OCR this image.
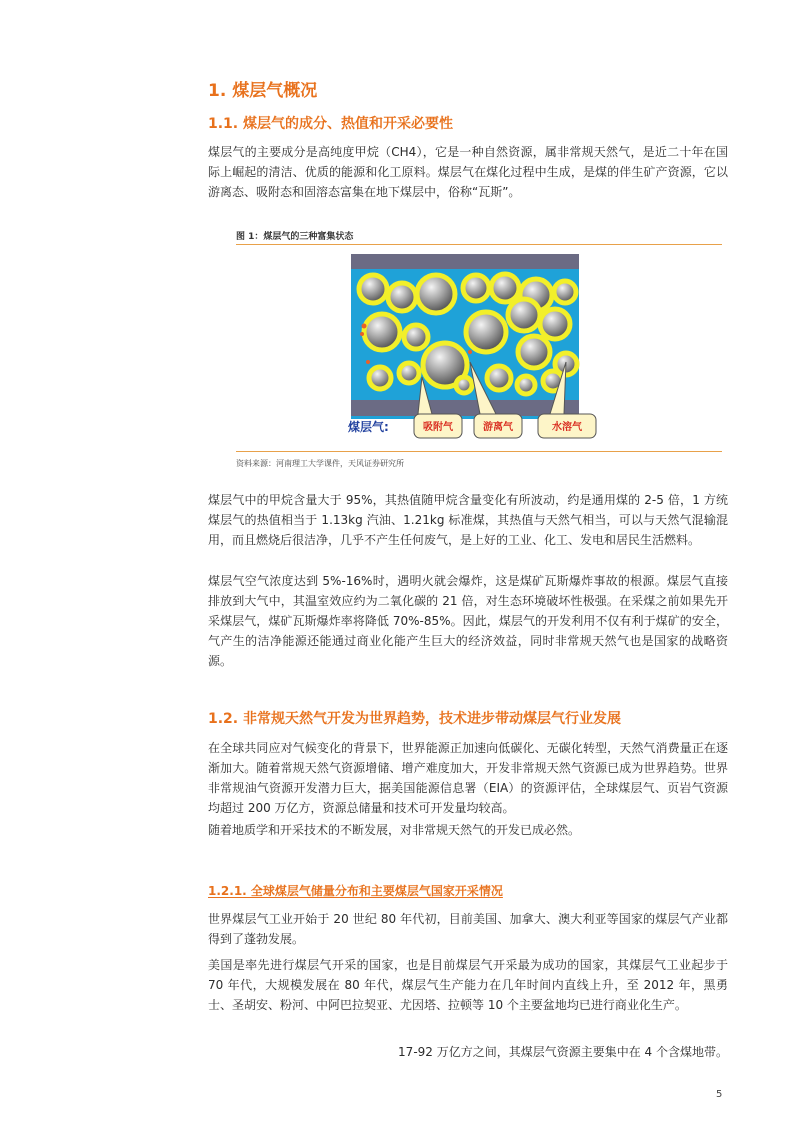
1. 煤层气概况
1.1. 煤层气的成分、热值和开采必要性
煤层气的主要成分是高纯度甲烷（CH4），它是一种自然资源，属非常规天然气，是近二十年在国际上崛起的清洁、优质的能源和化工原料。煤层气在煤化过程中生成，是煤的伴生矿产资源，它以游离态、吸附态和固溶态富集在地下煤层中，俗称“瓦斯”。
图 1：煤层气的三种富集状态
煤层气:	吸附气	游离气	水溶气
资料来源：河南理工大学课件，天风证券研究所
煤层气中的甲烷含量大于 95%，其热值随甲烷含量变化有所波动，约是通用煤的 2-5 倍，1 方统煤层气的热值相当于 1.13kg 汽油、1.21kg 标准煤，其热值与天然气相当，可以与天然气混输混用，而且燃烧后很洁净，几乎不产生任何废气，是上好的工业、化工、发电和居民生活燃料。
煤层气空气浓度达到 5%-16%时，遇明火就会爆炸，这是煤矿瓦斯爆炸事故的根源。煤层气直接排放到大气中，其温室效应约为二氧化碳的 21 倍，对生态环境破坏性极强。在采煤之前如果先开采煤层气，煤矿瓦斯爆炸率将降低 70%-85%。因此，煤层气的开发利用不仅有利于煤矿的安全，气产生的洁净能源还能通过商业化能产生巨大的经济效益，同时非常规天然气也是国家的战略资源。
1.2. 非常规天然气开发为世界趋势，技术进步带动煤层气行业发展
在全球共同应对气候变化的背景下，世界能源正加速向低碳化、无碳化转型，天然气消费量正在逐渐加大。随着常规天然气资源增储、增产难度加大，开发非常规天然气资源已成为世界趋势。世界非常规油气资源开发潜力巨大，据美国能源信息署（EIA）的资源评估，全球煤层气、页岩气资源均超过 200 万亿方，资源总储量和技术可开发量均较高。
随着地质学和开采技术的不断发展，对非常规天然气的开发已成必然。
1.2.1. 全球煤层气储量分布和主要煤层气国家开采情况
世界煤层气工业开始于 20 世纪 80 年代初，目前美国、加拿大、澳大利亚等国家的煤层气产业都得到了蓬勃发展。
美国是率先进行煤层气开采的国家，也是目前煤层气开采最为成功的国家，其煤层气工业起步于 70 年代，大规模发展在 80 年代，煤层气生产能力在几年时间内直线上升，至 2012 年，黑勇士、圣胡安、粉河、中阿巴拉契亚、尤因塔、拉顿等 10 个主要盆地均已进行商业化生产。
17-92 万亿方之间，其煤层气资源主要集中在 4 个含煤地带。
5
